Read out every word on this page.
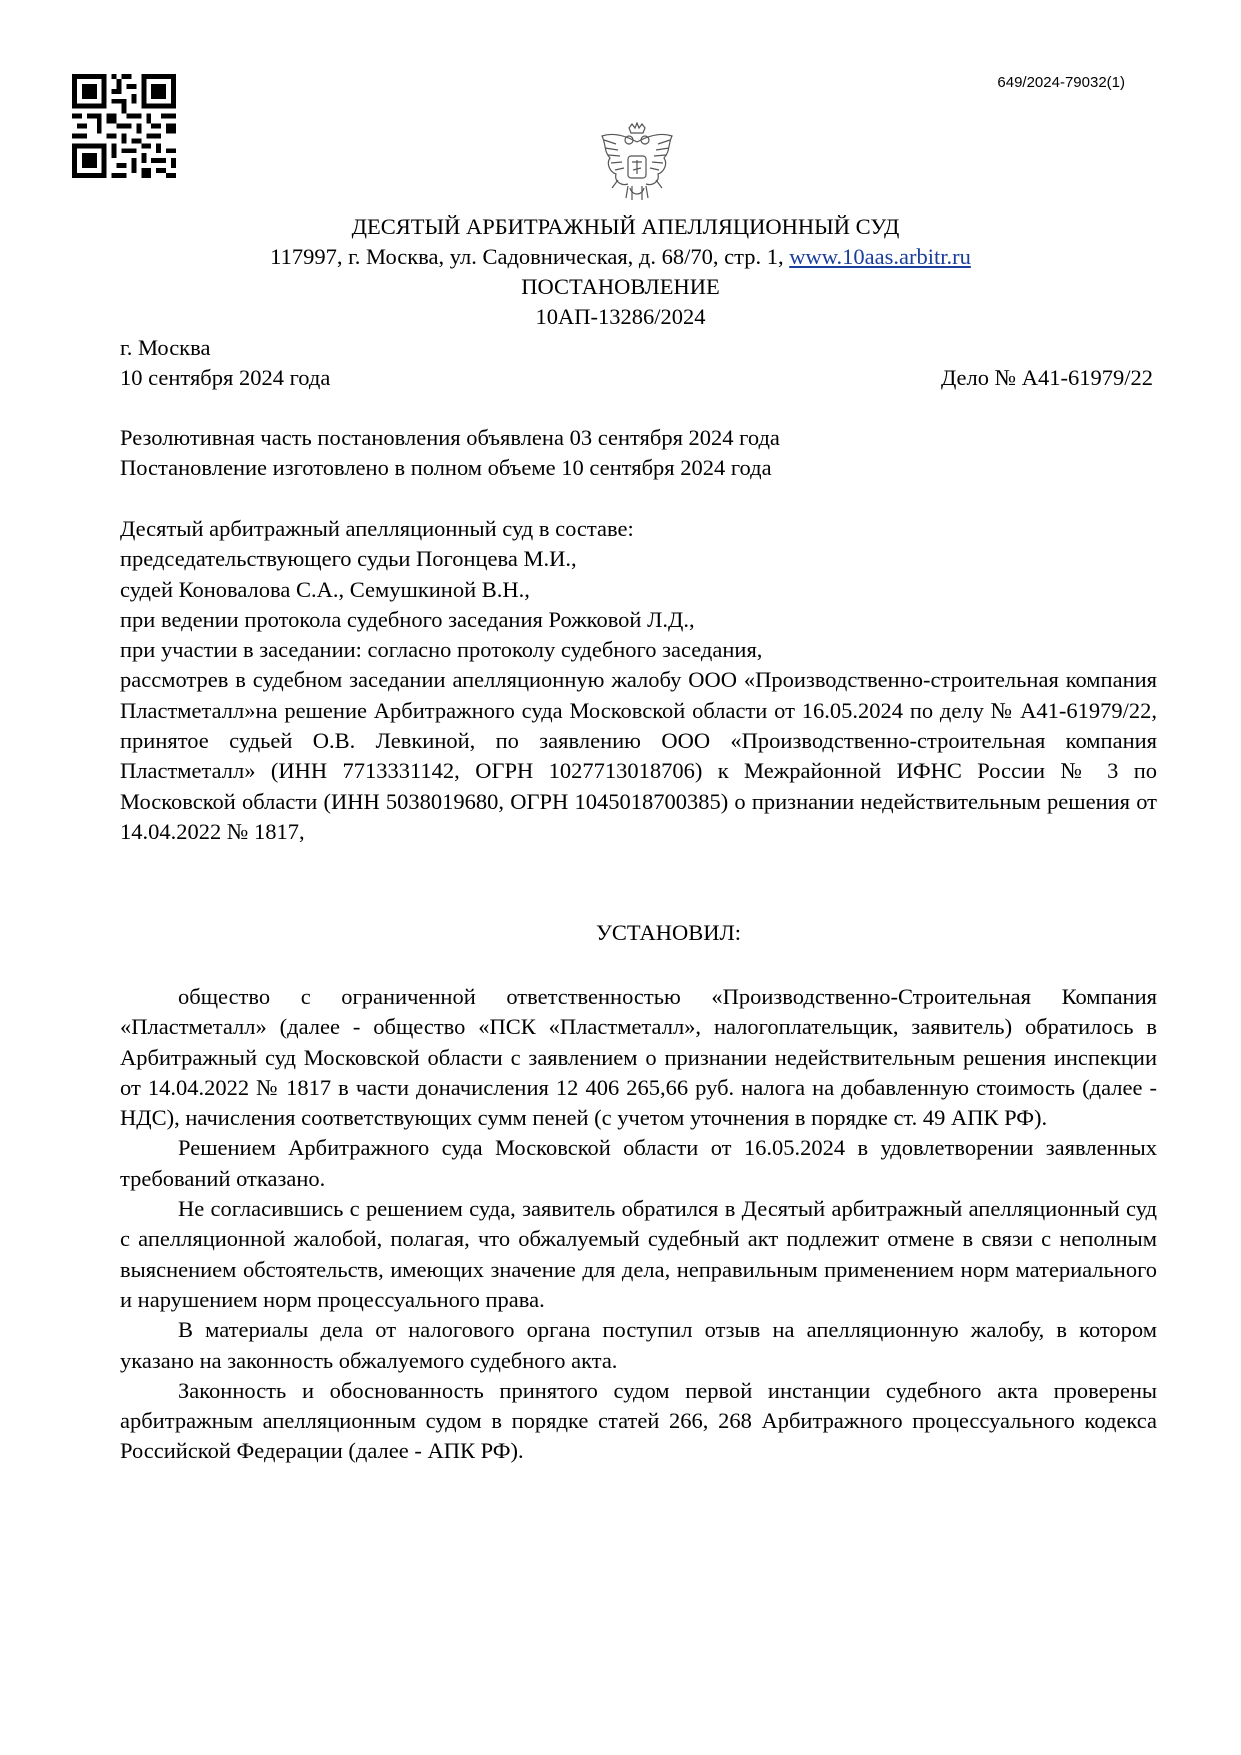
649/2024-79032(1)
ДЕСЯТЫЙ АРБИТРАЖНЫЙ АПЕЛЛЯЦИОННЫЙ СУД
117997, г. Москва, ул. Садовническая, д. 68/70, стр. 1, www.10aas.arbitr.ru
ПОСТАНОВЛЕНИЕ
10АП-13286/2024
г. Москва
10 сентября 2024 года	Дело № А41-61979/22
Резолютивная часть постановления объявлена 03 сентября 2024 года
Постановление изготовлено в полном объеме 10 сентября 2024 года
Десятый арбитражный апелляционный суд в составе:
председательствующего судьи Погонцева М.И.,
судей Коновалова С.А., Семушкиной В.Н.,
при ведении протокола судебного заседания Рожковой Л.Д.,
при участии в заседании: согласно протоколу судебного заседания,
рассмотрев в судебном заседании апелляционную жалобу ООО «Производственно-строительная компания Пластметалл»на решение Арбитражного суда Московской области от 16.05.2024 по делу № А41-61979/22, принятое судьей О.В. Левкиной, по заявлению ООО «Производственно-строительная компания Пластметалл» (ИНН 7713331142, ОГРН 1027713018706) к Межрайонной ИФНС России № 3 по Московской области (ИНН 5038019680, ОГРН 1045018700385) о признании недействительным решения от 14.04.2022 № 1817,
УСТАНОВИЛ:
общество с ограниченной ответственностью «Производственно-Строительная Компания «Пластметалл» (далее - общество «ПСК «Пластметалл», налогоплательщик, заявитель) обратилось в Арбитражный суд Московской области с заявлением о признании недействительным решения инспекции от 14.04.2022 № 1817 в части доначисления 12 406 265,66 руб. налога на добавленную стоимость (далее - НДС), начисления соответствующих сумм пеней (с учетом уточнения в порядке ст. 49 АПК РФ).
Решением Арбитражного суда Московской области от 16.05.2024 в удовлетворении заявленных требований отказано.
Не согласившись с решением суда, заявитель обратился в Десятый арбитражный апелляционный суд с апелляционной жалобой, полагая, что обжалуемый судебный акт подлежит отмене в связи с неполным выяснением обстоятельств, имеющих значение для дела, неправильным применением норм материального и нарушением норм процессуального права.
В материалы дела от налогового органа поступил отзыв на апелляционную жалобу, в котором указано на законность обжалуемого судебного акта.
Законность и обоснованность принятого судом первой инстанции судебного акта проверены арбитражным апелляционным судом в порядке статей 266, 268 Арбитражного процессуального кодекса Российской Федерации (далее - АПК РФ).
